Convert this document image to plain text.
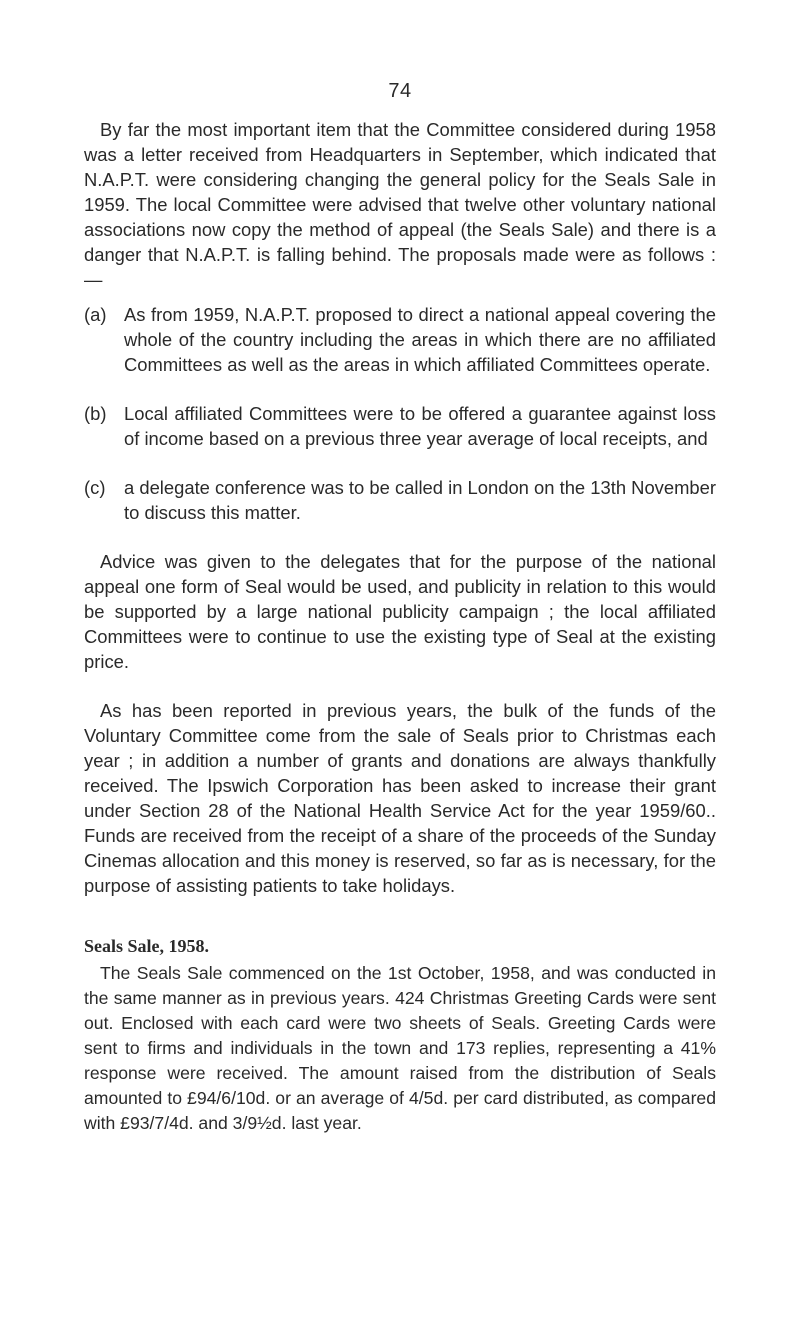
74

By far the most important item that the Committee considered during 1958 was a letter received from Headquarters in September, which indicated that N.A.P.T. were considering changing the general policy for the Seals Sale in 1959. The local Committee were advised that twelve other voluntary national associations now copy the method of appeal (the Seals Sale) and there is a danger that N.A.P.T. is falling behind. The proposals made were as follows :—

(a) As from 1959, N.A.P.T. proposed to direct a national appeal covering the whole of the country including the areas in which there are no affiliated Committees as well as the areas in which affiliated Committees operate.
(b) Local affiliated Committees were to be offered a guarantee against loss of income based on a previous three year average of local receipts, and
(c)	a delegate conference was to be called in London on the 13th November to discuss this matter.

Advice was given to the delegates that for the purpose of the national appeal one form of Seal would be used, and publicity in relation to this would be supported by a large national publicity campaign ; the local affiliated Committees were to continue to use the existing type of Seal at the existing price.

As has been reported in previous years, the bulk of the funds of the Voluntary Committee come from the sale of Seals prior to Christmas each year ; in addition a number of grants and donations are always thankfully received. The Ipswich Corporation has been asked to increase their grant under Section 28 of the National Health Service Act for the year 1959/60.. Funds are received from the receipt of a share of the proceeds of the Sunday Cinemas allocation and this money is reserved, so far as is necessary, for the purpose of assisting patients to take holidays.

Seals Sale, 1958.

The Seals Sale commenced on the 1st October, 1958, and was conducted in the same manner as in previous years. 424 Christmas Greeting Cards were sent out. Enclosed with each card were two sheets of Seals. Greeting Cards were sent to firms and individuals in the town and 173 replies, representing a 41% response were received. The amount raised from the distribution of Seals amounted to £94/6/10d. or an average of 4/5d. per card distributed, as compared with £93/7/4d. and 3/9½d. last year.
